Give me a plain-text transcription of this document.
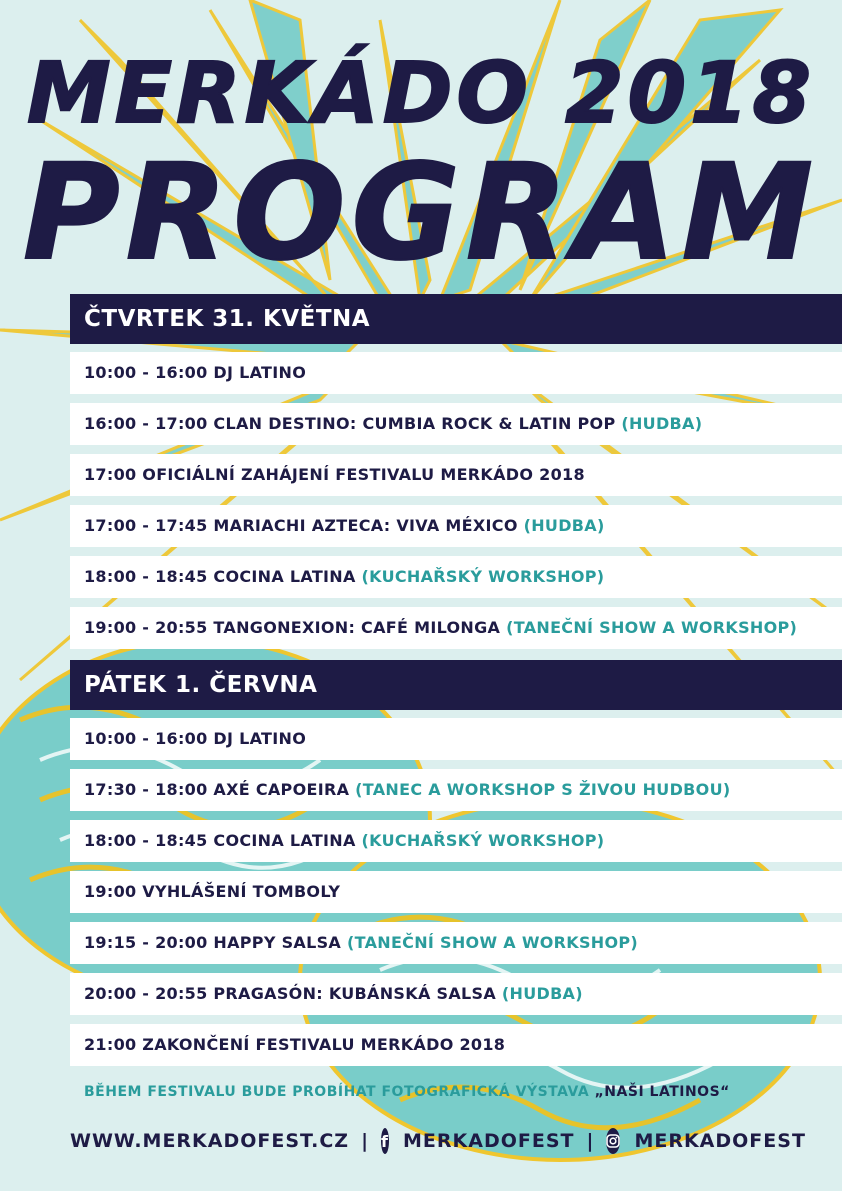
MERKÁDO 2018
PROGRAM
ČTVRTEK 31. KVĚTNA
10:00 - 16:00 DJ LATINO
16:00 - 17:00 CLAN DESTINO: CUMBIA ROCK & LATIN POP (HUDBA)
17:00 OFICIÁLNÍ ZAHÁJENÍ FESTIVALU MERKÁDO 2018
17:00 - 17:45 MARIACHI AZTECA: VIVA MÉXICO (HUDBA)
18:00 - 18:45 COCINA LATINA (KUCHAŘSKÝ WORKSHOP)
19:00 - 20:55 TANGONEXION: CAFÉ MILONGA (TANEČNÍ SHOW A WORKSHOP)
PÁTEK 1. ČERVNA
10:00 - 16:00 DJ LATINO
17:30 - 18:00 AXÉ CAPOEIRA (TANEC A WORKSHOP S ŽIVOU HUDBOU)
18:00 - 18:45 COCINA LATINA (KUCHAŘSKÝ WORKSHOP)
19:00 VYHLÁŠENÍ TOMBOLY
19:15 - 20:00 HAPPY SALSA (TANEČNÍ SHOW A WORKSHOP)
20:00 - 20:55 PRAGASÓN: KUBÁNSKÁ SALSA (HUDBA)
21:00 ZAKONČENÍ FESTIVALU MERKÁDO 2018
BĚHEM FESTIVALU BUDE PROBÍHAT FOTOGRAFICKÁ VÝSTAVA „NAŠI LATINOS“
WWW.MERKADOFEST.CZ | f MERKADOFEST | MERKADOFEST
